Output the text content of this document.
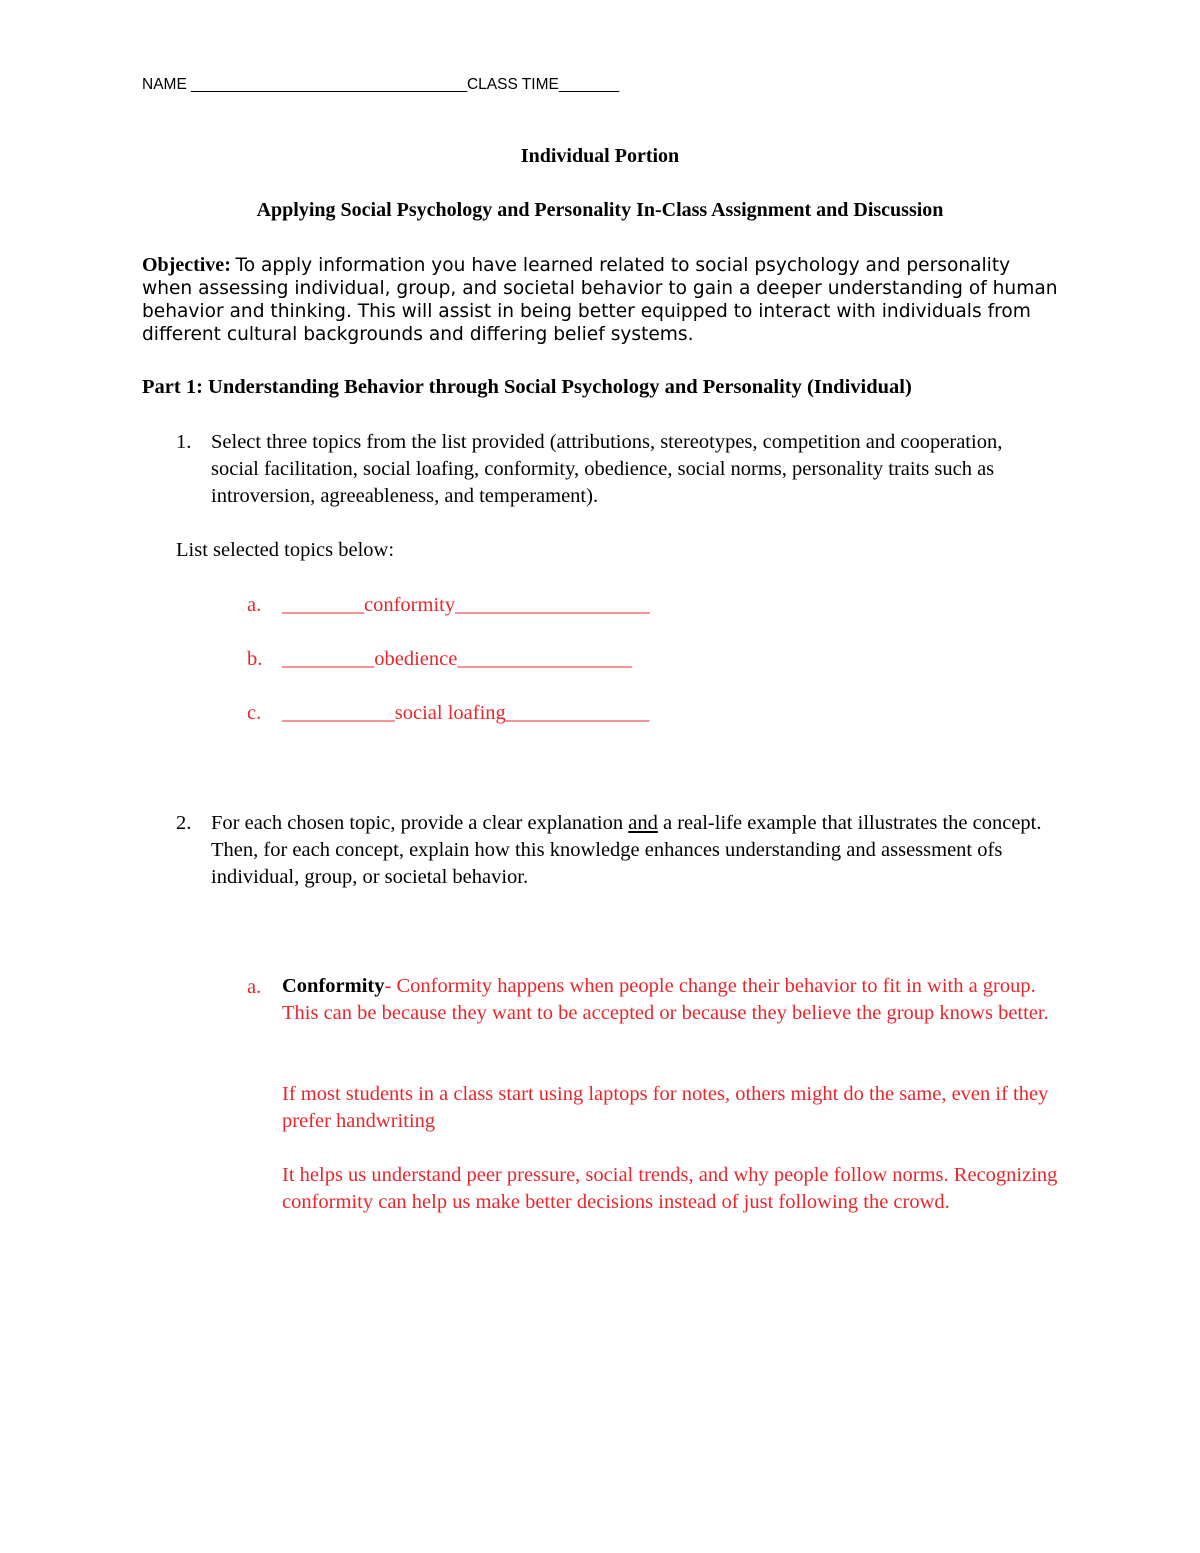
NAME ________________________________CLASS TIME_______
Individual Portion
Applying Social Psychology and Personality In-Class Assignment and Discussion
Objective: To apply information you have learned related to social psychology and personality when assessing individual, group, and societal behavior to gain a deeper understanding of human behavior and thinking. This will assist in being better equipped to interact with individuals from different cultural backgrounds and differing belief systems.
Part 1: Understanding Behavior through Social Psychology and Personality (Individual)
1. Select three topics from the list provided (attributions, stereotypes, competition and cooperation, social facilitation, social loafing, conformity, obedience, social norms, personality traits such as introversion, agreeableness, and temperament).
List selected topics below:
a. ________conformity___________________
b. _________obedience_________________
c. ___________social loafing______________
2. For each chosen topic, provide a clear explanation and a real-life example that illustrates the concept. Then, for each concept, explain how this knowledge enhances understanding and assessment ofs individual, group, or societal behavior.
a. Conformity- Conformity happens when people change their behavior to fit in with a group. This can be because they want to be accepted or because they believe the group knows better.
If most students in a class start using laptops for notes, others might do the same, even if they prefer handwriting
It helps us understand peer pressure, social trends, and why people follow norms. Recognizing conformity can help us make better decisions instead of just following the crowd.
